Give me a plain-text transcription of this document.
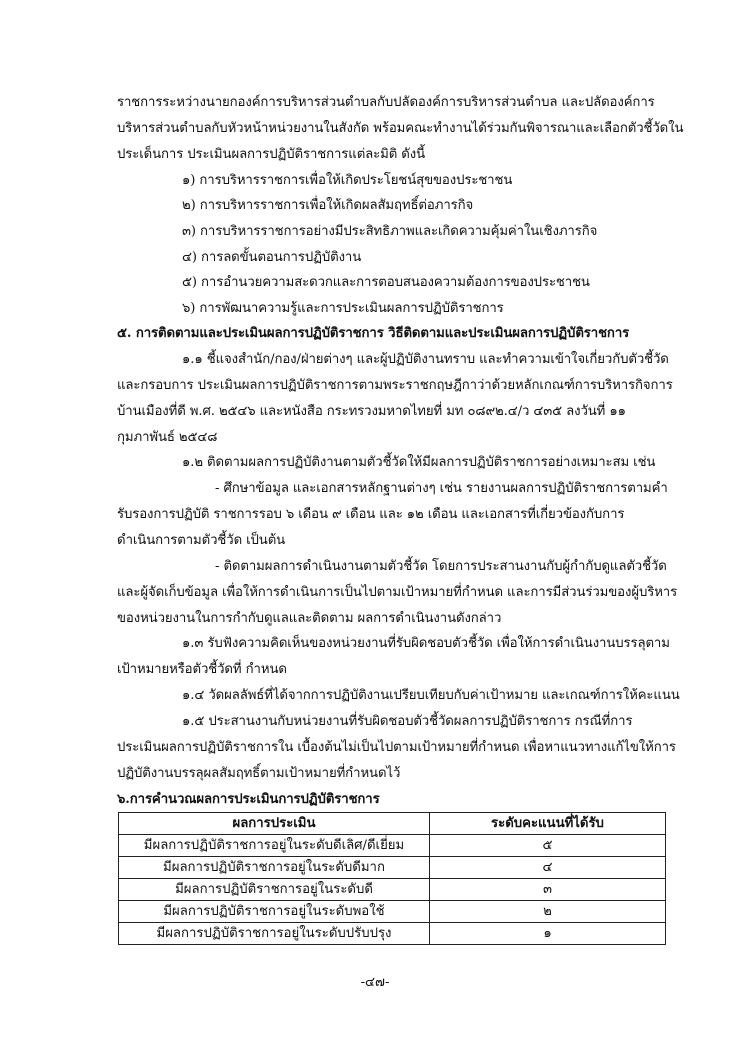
ราชการระหว่างนายกองค์การบริหารส่วนตำบลกับปลัดองค์การบริหารส่วนตำบล และปลัดองค์การ
บริหารส่วนตำบลกับหัวหน้าหน่วยงานในสังกัด พร้อมคณะทำงานได้ร่วมกันพิจารณาและเลือกตัวชี้วัดใน
ประเด็นการ ประเมินผลการปฏิบัติราชการแต่ละมิติ ดังนี้
๑) การบริหารราชการเพื่อให้เกิดประโยชน์สุขของประชาชน
๒) การบริหารราชการเพื่อให้เกิดผลสัมฤทธิ์ต่อภารกิจ
๓) การบริหารราชการอย่างมีประสิทธิภาพและเกิดความคุ้มค่าในเชิงภารกิจ
๔) การลดขั้นตอนการปฏิบัติงาน
๕) การอำนวยความสะดวกและการตอบสนองความต้องการของประชาชน
๖) การพัฒนาความรู้และการประเมินผลการปฏิบัติราชการ
๕. การติดตามและประเมินผลการปฏิบัติราชการ วิธีติดตามและประเมินผลการปฏิบัติราชการ
๑.๑ ชี้แจงสำนัก/กอง/ฝ่ายต่างๆ และผู้ปฏิบัติงานทราบ และทำความเข้าใจเกี่ยวกับตัวชี้วัด
และกรอบการ ประเมินผลการปฏิบัติราชการตามพระราชกฤษฎีกาว่าด้วยหลักเกณฑ์การบริหารกิจการ
บ้านเมืองที่ดี พ.ศ. ๒๕๔๖ และหนังสือ กระทรวงมหาดไทยที่ มท ๐๘๙๒.๔/ว ๔๓๕ ลงวันที่ ๑๑
กุมภาพันธ์ ๒๕๔๘
๑.๒ ติดตามผลการปฏิบัติงานตามตัวชี้วัดให้มีผลการปฏิบัติราชการอย่างเหมาะสม เช่น
- ศึกษาข้อมูล และเอกสารหลักฐานต่างๆ เช่น รายงานผลการปฏิบัติราชการตามคำ
รับรองการปฏิบัติ ราชการรอบ ๖ เดือน ๙ เดือน และ ๑๒ เดือน และเอกสารที่เกี่ยวข้องกับการ
ดำเนินการตามตัวชี้วัด เป็นต้น
- ติดตามผลการดำเนินงานตามตัวชี้วัด โดยการประสานงานกับผู้กำกับดูแลตัวชี้วัด
และผู้จัดเก็บข้อมูล เพื่อให้การดำเนินการเป็นไปตามเป้าหมายที่กำหนด และการมีส่วนร่วมของผู้บริหาร
ของหน่วยงานในการกำกับดูแลและติดตาม ผลการดำเนินงานดังกล่าว
๑.๓ รับฟังความคิดเห็นของหน่วยงานที่รับผิดชอบตัวชี้วัด เพื่อให้การดำเนินงานบรรลุตาม
เป้าหมายหรือตัวชี้วัดที่ กำหนด
๑.๔ วัดผลลัพธ์ที่ได้จากการปฏิบัติงานเปรียบเทียบกับค่าเป้าหมาย และเกณฑ์การให้คะแนน
๑.๕ ประสานงานกับหน่วยงานที่รับผิดชอบตัวชี้วัดผลการปฏิบัติราชการ กรณีที่การ
ประเมินผลการปฏิบัติราชการใน เบื้องต้นไม่เป็นไปตามเป้าหมายที่กำหนด เพื่อหาแนวทางแก้ไขให้การ
ปฏิบัติงานบรรลุผลสัมฤทธิ์ตามเป้าหมายที่กำหนดไว้
๖.การคำนวณผลการประเมินการปฏิบัติราชการ
ผลการประเมิน	ระดับคะแนนที่ได้รับ
มีผลการปฏิบัติราชการอยู่ในระดับดีเลิศ/ดีเยี่ยม	๕
มีผลการปฏิบัติราชการอยู่ในระดับดีมาก	๔
มีผลการปฏิบัติราชการอยู่ในระดับดี	๓
มีผลการปฏิบัติราชการอยู่ในระดับพอใช้	๒
มีผลการปฏิบัติราชการอยู่ในระดับปรับปรุง	๑
-๔๗-
